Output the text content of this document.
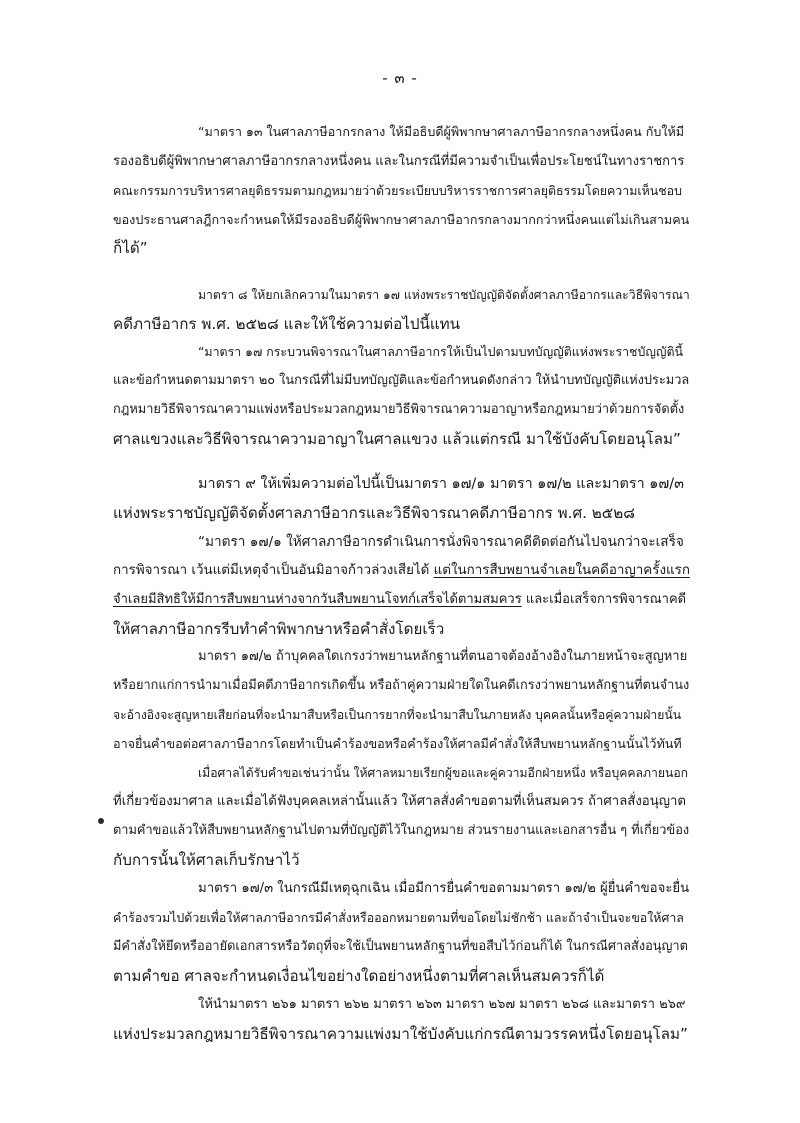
- ๓ -
“มาตรา ๑๓ ในศาลภาษีอากรกลาง ให้มีอธิบดีผู้พิพากษาศาลภาษีอากรกลางหนึ่งคน กับให้มี
รองอธิบดีผู้พิพากษาศาลภาษีอากรกลางหนึ่งคน และในกรณีที่มีความจำเป็นเพื่อประโยชน์ในทางราชการ
คณะกรรมการบริหารศาลยุติธรรมตามกฎหมายว่าด้วยระเบียบบริหารราชการศาลยุติธรรมโดยความเห็นชอบ
ของประธานศาลฎีกาจะกำหนดให้มีรองอธิบดีผู้พิพากษาศาลภาษีอากรกลางมากกว่าหนึ่งคนแต่ไม่เกินสามคน
ก็ได้”
มาตรา ๘ ให้ยกเลิกความในมาตรา ๑๗ แห่งพระราชบัญญัติจัดตั้งศาลภาษีอากรและวิธีพิจารณา
คดีภาษีอากร พ.ศ. ๒๕๒๘ และให้ใช้ความต่อไปนี้แทน
“มาตรา ๑๗ กระบวนพิจารณาในศาลภาษีอากรให้เป็นไปตามบทบัญญัติแห่งพระราชบัญญัตินี้
และข้อกำหนดตามมาตรา ๒๐ ในกรณีที่ไม่มีบทบัญญัติและข้อกำหนดดังกล่าว ให้นำบทบัญญัติแห่งประมวล
กฎหมายวิธีพิจารณาความแพ่งหรือประมวลกฎหมายวิธีพิจารณาความอาญาหรือกฎหมายว่าด้วยการจัดตั้ง
ศาลแขวงและวิธีพิจารณาความอาญาในศาลแขวง แล้วแต่กรณี มาใช้บังคับโดยอนุโลม”
มาตรา ๙ ให้เพิ่มความต่อไปนี้เป็นมาตรา ๑๗/๑ มาตรา ๑๗/๒ และมาตรา ๑๗/๓
แห่งพระราชบัญญัติจัดตั้งศาลภาษีอากรและวิธีพิจารณาคดีภาษีอากร พ.ศ. ๒๕๒๘
“มาตรา ๑๗/๑ ให้ศาลภาษีอากรดำเนินการนั่งพิจารณาคดีติดต่อกันไปจนกว่าจะเสร็จ
การพิจารณา เว้นแต่มีเหตุจำเป็นอันมิอาจก้าวล่วงเสียได้ แต่ในการสืบพยานจำเลยในคดีอาญาครั้งแรก
จำเลยมีสิทธิให้มีการสืบพยานห่างจากวันสืบพยานโจทก์เสร็จได้ตามสมควร และเมื่อเสร็จการพิจารณาคดี
ให้ศาลภาษีอากรรีบทำคำพิพากษาหรือคำสั่งโดยเร็ว
มาตรา ๑๗/๒ ถ้าบุคคลใดเกรงว่าพยานหลักฐานที่ตนอาจต้องอ้างอิงในภายหน้าจะสูญหาย
หรือยากแก่การนำมาเมื่อมีคดีภาษีอากรเกิดขึ้น หรือถ้าคู่ความฝ่ายใดในคดีเกรงว่าพยานหลักฐานที่ตนจำนง
จะอ้างอิงจะสูญหายเสียก่อนที่จะนำมาสืบหรือเป็นการยากที่จะนำมาสืบในภายหลัง บุคคลนั้นหรือคู่ความฝ่ายนั้น
อาจยื่นคำขอต่อศาลภาษีอากรโดยทำเป็นคำร้องขอหรือคำร้องให้ศาลมีคำสั่งให้สืบพยานหลักฐานนั้นไว้ทันที
เมื่อศาลได้รับคำขอเช่นว่านั้น ให้ศาลหมายเรียกผู้ขอและคู่ความอีกฝ่ายหนึ่ง หรือบุคคลภายนอก
ที่เกี่ยวข้องมาศาล และเมื่อได้ฟังบุคคลเหล่านั้นแล้ว ให้ศาลสั่งคำขอตามที่เห็นสมควร ถ้าศาลสั่งอนุญาต
ตามคำขอแล้วให้สืบพยานหลักฐานไปตามที่บัญญัติไว้ในกฎหมาย ส่วนรายงานและเอกสารอื่น ๆ ที่เกี่ยวข้อง
กับการนั้นให้ศาลเก็บรักษาไว้
มาตรา ๑๗/๓ ในกรณีมีเหตุฉุกเฉิน เมื่อมีการยื่นคำขอตามมาตรา ๑๗/๒ ผู้ยื่นคำขอจะยื่น
คำร้องรวมไปด้วยเพื่อให้ศาลภาษีอากรมีคำสั่งหรือออกหมายตามที่ขอโดยไม่ชักช้า และถ้าจำเป็นจะขอให้ศาล
มีคำสั่งให้ยึดหรืออายัดเอกสารหรือวัตถุที่จะใช้เป็นพยานหลักฐานที่ขอสืบไว้ก่อนก็ได้ ในกรณีศาลสั่งอนุญาต
ตามคำขอ ศาลจะกำหนดเงื่อนไขอย่างใดอย่างหนึ่งตามที่ศาลเห็นสมควรก็ได้
ให้นำมาตรา ๒๖๑ มาตรา ๒๖๒ มาตรา ๒๖๓ มาตรา ๒๖๗ มาตรา ๒๖๘ และมาตรา ๒๖๙
แห่งประมวลกฎหมายวิธีพิจารณาความแพ่งมาใช้บังคับแก่กรณีตามวรรคหนึ่งโดยอนุโลม”
